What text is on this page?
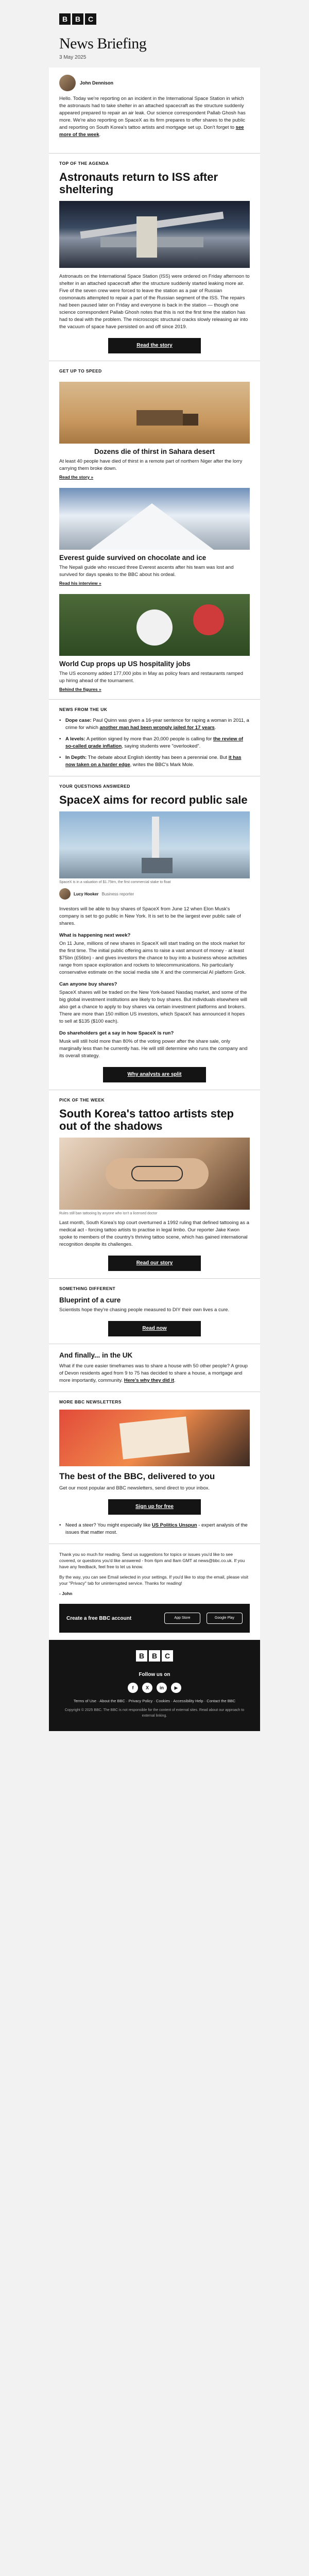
B	B	C
News Briefing
3 May 2025
John Dennison

Hello. Today we're reporting on an incident in the International Space Station in which the astronauts had to take shelter in an attached spacecraft as the structure suddenly appeared prepared to repair an air leak. Our science correspondent Pallab Ghosh has more. We're also reporting on SpaceX as its firm prepares to offer shares to the public and reporting on South Korea's tattoo artists and mortgage set up. Don't forget to see more of the week.

TOP OF THE AGENDA
Astronauts return to ISS after sheltering

Astronauts on the International Space Station (ISS) were ordered on Friday afternoon to shelter in an attached spacecraft after the structure suddenly started leaking more air. Five of the seven crew were forced to leave the station as a pair of Russian cosmonauts attempted to repair a part of the Russian segment of the ISS. The repairs had been paused later on Friday and everyone is back in the station — though one science correspondent Pallab Ghosh notes that this is not the first time the station has had to deal with the problem. The microscopic structural cracks slowly releasing air into the vacuum of space have persisted on and off since 2019.

Read the story
GET UP TO SPEED
Dozens die of thirst in Sahara desert

At least 40 people have died of thirst in a remote part of northern Niger after the lorry carrying them broke down.

Read the story »
Everest guide survived on chocolate and ice

The Nepali guide who rescued three Everest ascents after his team was lost and survived for days speaks to the BBC about his ordeal.

Read his interview »
World Cup props up US hospitality jobs

The US economy added 177,000 jobs in May as policy fears and restaurants ramped up hiring ahead of the tournament.

Behind the figures »
NEWS FROM THE UK
• Dope case: Paul Quinn was given a 16-year sentence for raping a woman in 2011, a crime for which another man had been wrongly jailed for 17 years.
• A levels: A petition signed by more than 20,000 people is calling for the review of so-called grade inflation, saying students were "overlooked".
• In Depth: The debate about English identity has been a perennial one. But it has now taken on a harder edge, writes the BBC's Mark Mole.
YOUR QUESTIONS ANSWERED
SpaceX aims for record public sale
SpaceX is in a valuation of $1.75trn, the first commercial stake to float
Lucy Hooker Business reporter

Investors will be able to buy shares of SpaceX from June 12 when Elon Musk's company is set to go public in New York. It is set to be the largest ever public sale of shares.

What is happening next week?

On 11 June, millions of new shares in SpaceX will start trading on the stock market for the first time. The initial public offering aims to raise a vast amount of money - at least $75bn (£56bn) - and gives investors the chance to buy into a business whose activities range from space exploration and rockets to telecommunications. No particularly conservative estimate on the social media site X and the commercial AI platform Grok.

Can anyone buy shares?

SpaceX shares will be traded on the New York-based Nasdaq market, and some of the big global investment institutions are likely to buy shares. But individuals elsewhere will also get a chance to apply to buy shares via certain investment platforms and brokers. There are more than 150 million US investors, which SpaceX has announced it hopes to sell at $135 ($100 each).

Do shareholders get a say in how SpaceX is run?

Musk will still hold more than 80% of the voting power after the share sale, only marginally less than he currently has. He will still determine who runs the company and its overall strategy.

Why analysts are split
PICK OF THE WEEK
South Korea's tattoo artists step out of the shadows
Rules still ban tattooing by anyone who isn't a licensed doctor

Last month, South Korea's top court overturned a 1992 ruling that defined tattooing as a medical act - forcing tattoo artists to practise in legal limbo. Our reporter Jake Kwon spoke to members of the country's thriving tattoo scene, which has gained international recognition despite its challenges.

Read our story
SOMETHING DIFFERENT
Blueprint of a cure

Scientists hope they're chasing people measured to DIY their own lives a cure.

Read now
And finally... in the UK

What if the cure easier timeframes was to share a house with 50 other people? A group of Devon residents aged from 9 to 75 has decided to share a house, a mortgage and more importantly, community. Here's why they did it.

MORE BBC NEWSLETTERS
The best of the BBC, delivered to you

Get our most popular and BBC newsletters, send direct to your inbox.

Sign up for free
• Need a steer? You might especially like US Politics Unspun - expert analysis of the issues that matter most.

Thank you so much for reading. Send us suggestions for topics or issues you'd like to see covered, or questions you'd like answered - from 6pm and 8am GMT at news@bbc.co.uk. If you have any feedback, feel free to let us know.

By the way, you can see Email selected in your settings. If you'd like to stop the email, please visit your "Privacy" tab for uninterrupted service. Thanks for reading!

- John

Create a free BBC account	App Store	Google Play
B	B	C
Follow us on
f	X	in	▶
Terms of Use · About the BBC · Privacy Policy · Cookies · Accessibility Help · Contact the BBC
Copyright © 2025 BBC. The BBC is not responsible for the content of external sites. Read about our approach to external linking.
